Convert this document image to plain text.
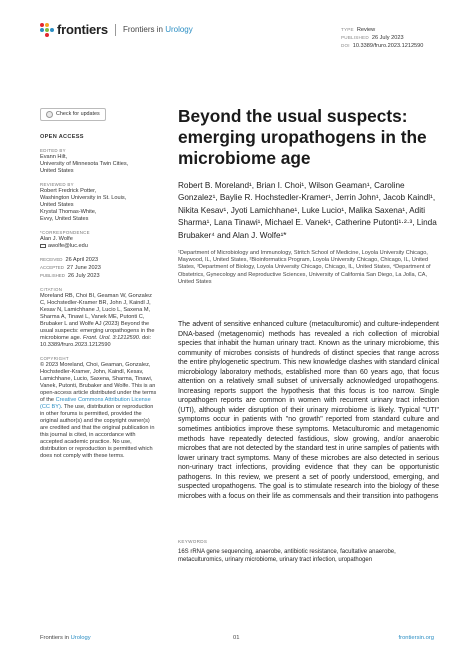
frontiers Frontiers in Urology	TYPE Review
PUBLISHED 26 July 2023
DOI 10.3389/fruro.2023.1212590
Check for updates
OPEN ACCESS
EDITED BY
Evann Hilt,
University of Minnesota Twin Cities,
United States
REVIEWED BY
Robert Fredrick Potter,
Washington University in St. Louis,
United States
Krystal Thomas-White,
Evvy, United States
*CORRESPONDENCE
Alan J. Wolfe
awolfe@luc.edu
RECEIVED 26 April 2023
ACCEPTED 27 June 2023
PUBLISHED 26 July 2023
CITATION
Moreland RB, Choi BI, Geaman W, Gonzalez C, Hochstedler-Kramer BR, John J, Kaindl J, Kesav N, Lamichhane J, Lucio L, Saxena M, Sharma A, Tinawi L, Vanek ME, Putonti C, Brubaker L and Wolfe AJ (2023) Beyond the usual suspects: emerging uropathogens in the microbiome age. Front. Urol. 3:1212590. doi: 10.3389/fruro.2023.1212590
COPYRIGHT
© 2023 Moreland, Choi, Geaman, Gonzalez, Hochstedler-Kramer, John, Kaindl, Kesav, Lamichhane, Lucio, Saxena, Sharma, Tinawi, Vanek, Putonti, Brubaker and Wolfe. This is an open-access article distributed under the terms of the Creative Commons Attribution License (CC BY). The use, distribution or reproduction in other forums is permitted, provided the original author(s) and the copyright owner(s) are credited and that the original publication in this journal is cited, in accordance with accepted academic practice. No use, distribution or reproduction is permitted which does not comply with these terms.
Beyond the usual suspects: emerging uropathogens in the microbiome age
Robert B. Moreland¹, Brian I. Choi¹, Wilson Geaman¹, Caroline Gonzalez¹, Baylie R. Hochstedler-Kramer¹, Jerrin John¹, Jacob Kaindl¹, Nikita Kesav¹, Jyoti Lamichhane¹, Luke Lucio¹, Malika Saxena¹, Aditi Sharma¹, Lana Tinawi¹, Michael E. Vanek¹, Catherine Putonti¹·²·³, Linda Brubaker⁴ and Alan J. Wolfe¹*
¹Department of Microbiology and Immunology, Stritch School of Medicine, Loyola University Chicago, Maywood, IL, United States, ²Bioinformatics Program, Loyola University Chicago, Chicago, IL, United States, ³Department of Biology, Loyola University Chicago, Chicago, IL, United States, ⁴Department of Obstetrics, Gynecology and Reproductive Sciences, University of California San Diego, La Jolla, CA, United States

The advent of sensitive enhanced culture (metaculturomic) and culture-independent DNA-based (metagenomic) methods has revealed a rich collection of microbial species that inhabit the human urinary tract. Known as the urinary microbiome, this community of microbes consists of hundreds of distinct species that range across the entire phylogenetic spectrum. This new knowledge clashes with standard clinical microbiology laboratory methods, established more than 60 years ago, that focus attention on a relatively small subset of universally acknowledged uropathogens. Increasing reports support the hypothesis that this focus is too narrow. Single uropathogen reports are common in women with recurrent urinary tract infection (UTI), although wider disruption of their urinary microbiome is likely. Typical "UTI" symptoms occur in patients with "no growth" reported from standard culture and sometimes antibiotics improve these symptoms. Metaculturomic and metagenomic methods have repeatedly detected fastidious, slow growing, and/or anaerobic microbes that are not detected by the standard test in urine samples of patients with lower urinary tract symptoms. Many of these microbes are also detected in serious non-urinary tract infections, providing evidence that they can be opportunistic pathogens. In this review, we present a set of poorly understood, emerging, and suspected uropathogens. The goal is to stimulate research into the biology of these microbes with a focus on their life as commensals and their transition into pathogens

KEYWORDS
16S rRNA gene sequencing, anaerobe, antibiotic resistance, facultative anaerobe, metaculturomics, urinary microbiome, urinary tract infection, uropathogen
Frontiers in Urology	01	frontiersin.org
